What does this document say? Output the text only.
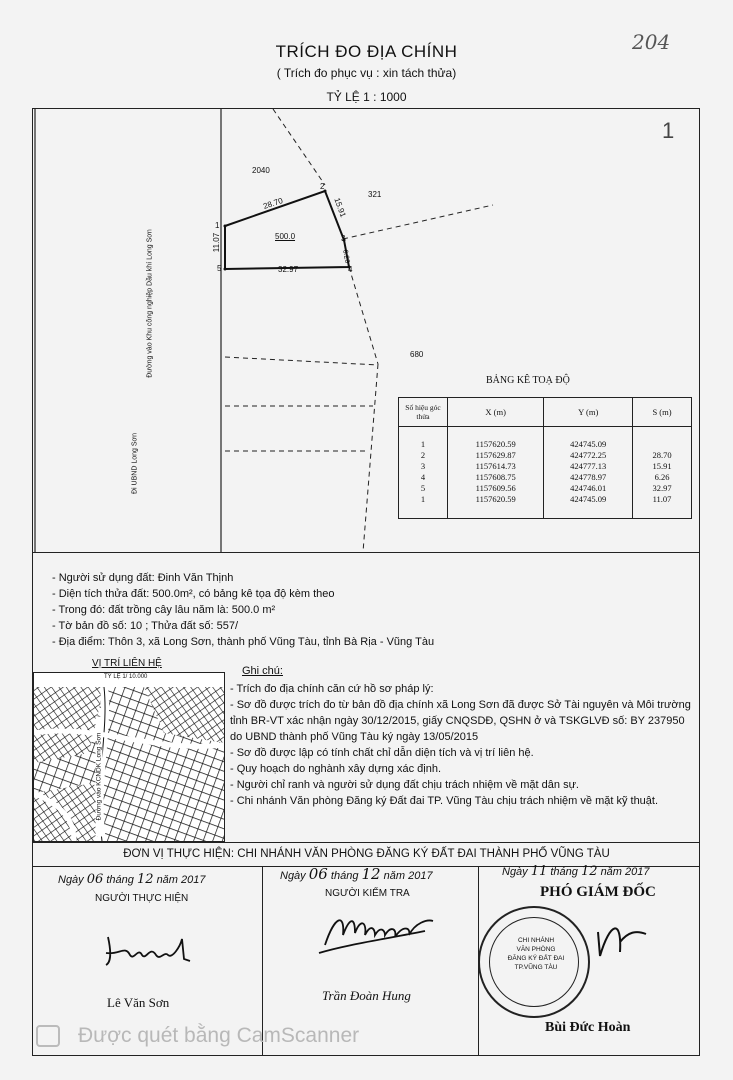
204
TRÍCH ĐO ĐỊA CHÍNH
( Trích đo phục vụ : xin tách thửa)
TỶ LỆ 1 : 1000
1
2040
321
680
500.0
28.70	15.91
6.26
32.97
11.07
1
2
3
4
5
Đường vào Khu công nghiệp Dầu khí Long Sơn
Đi UBND Long Sơn
BẢNG KÊ TOẠ ĐỘ
Số hiệu góc thửa	X (m)	Y (m)	S (m)

1	1157620.59	424745.09	
2	1157629.87	424772.25	28.70
3	1157614.73	424777.13	15.91
4	1157608.75	424778.97	6.26
5	1157609.56	424746.01	32.97
1	1157620.59	424745.09	11.07

- Người sử dụng đất: Đinh Văn Thịnh
- Diện tích thửa đất: 500.0m², có bảng kê tọa độ kèm theo
- Trong đó: đất trồng cây lâu năm là: 500.0 m²
- Tờ bản đồ số: 10 ; Thửa đất số: 557/
- Địa điểm: Thôn 3, xã Long Sơn, thành phố Vũng Tàu, tỉnh Bà Rịa - Vũng Tàu
VỊ TRÍ LIÊN HỆ
TỶ LỆ 1/ 10.000
Đường vào KCNDK Long Sơn
Ghi chú:
- Trích đo địa chính căn cứ hồ sơ pháp lý:
- Sơ đồ được trích đo từ bản đồ địa chính xã Long Sơn đã được Sở Tài nguyên và Môi trường
tỉnh BR-VT xác nhận ngày 30/12/2015, giấy CNQSDĐ, QSHN ở và TSKGLVĐ số: BY 237950
do UBND thành phố Vũng Tàu ký ngày 13/05/2015
- Sơ đồ được lập có tính chất chỉ dẫn diện tích và vị trí liên hệ.
- Quy hoạch do nghành xây dựng xác định.
- Người chỉ ranh và người sử dụng đất chịu trách nhiệm về mặt dân sự.
- Chi nhánh Văn phòng Đăng ký Đất đai TP. Vũng Tàu chịu trách nhiệm về mặt kỹ thuật.
ĐƠN VỊ THỰC HIỆN: CHI NHÁNH VĂN PHÒNG ĐĂNG KÝ ĐẤT ĐAI THÀNH PHỐ VŨNG TÀU
Ngày 06 tháng 12 năm 2017
NGƯỜI THỰC HIỆN
Lê Văn Sơn
Ngày 06 tháng 12 năm 2017
NGƯỜI KIỂM TRA
Trần Đoàn Hung
Ngày 11 tháng 12 năm 2017
PHÓ GIÁM ĐỐC
CHI NHÁNH
VĂN PHÒNG
ĐĂNG KÝ ĐẤT ĐAI
TP.VŨNG TÀU
Bùi Đức Hoàn
Được quét bằng CamScanner
